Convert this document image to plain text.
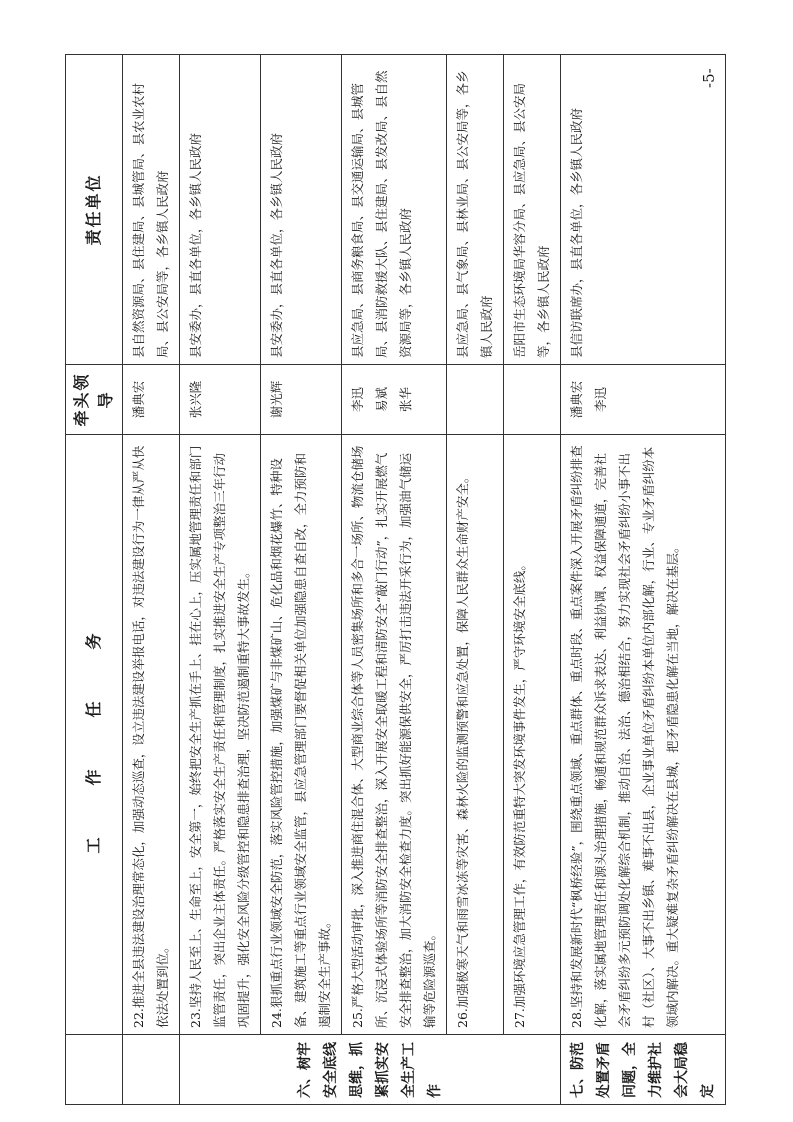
	工　作　任　务	牵头领导	责任单位
	22.推进全县违法建设治理常态化，加强动态巡查，设立违法建设举报电话，对违法建设行为一律从严从快依法处置到位。	潘典宏	县自然资源局、县住建局、县城管局、县农业农村局、县公安局等，各乡镇人民政府
六、树牢安全底线思维，抓紧抓实安全生产工作	23.坚持人民至上、生命至上，安全第一，始终把安全生产抓在手上、挂在心上，压实属地管理责任和部门监管责任，突出企业主体责任。严格落实安全生产责任和管理制度，扎实推进安全生产专项整治三年行动巩固提升，强化安全风险分级管控和隐患排查治理，坚决防范遏制重特大事故发生。	张兴隆	县安委办，县直各单位，各乡镇人民政府
	24.狠抓重点行业领域安全防范，落实风险管控措施，加强煤矿与非煤矿山、危化品和烟花爆竹、特种设备、建筑施工等重点行业领域安全监管，县应急管理部门要督促相关单位加强隐患自查自改，全力预防和遏制安全生产事故。	谢光辉	县安委办，县直各单位，各乡镇人民政府
	25.严格大型活动审批，深入推进商住混合体、大型商业综合体等人员密集场所和多合一场所、物流仓储场所、沉浸式体验场所等消防安全排查整治，深入开展安全取暖工程和清防安全“敲门行动”，扎实开展燃气安全排查整治，加大消防安全检查力度。突出抓好能源保供安全，严厉打击违法开采行为，加强油气储运输等危险源巡查。	李迅 易斌 张华	县应急局、县商务粮食局、县交通运输局、县城管局、县消防救援大队、县住建局、县发改局、县自然资源局等，各乡镇人民政府
	26.加强极寒天气和雨雪冰冻等灾害、森林火险的监测预警和应急处置，保障人民群众生命财产安全。		县应急局、县气象局、县林业局、县公安局等，各乡镇人民政府
	27.加强环境应急管理工作，有效防范重特大突发环境事件发生，严守环境安全底线。		岳阳市生态环境局华容分局、县应急局、县公安局等，各乡镇人民政府
七、防范处置矛盾问题，全力维护社会大局稳定	28.坚持和发展新时代“枫桥经验”，围绕重点领域、重点群体、重点时段、重点案件深入开展矛盾纠纷排查化解，落实属地管理责任和源头治理措施，畅通和规范群众诉求表达、利益协调、权益保障通道，完善社会矛盾纠纷多元预防调处化解综合机制，推动自治、法治、德治相结合，努力实现社会矛盾纠纷小事不出村（社区）、大事不出乡镇、难事不出县，企业事业单位矛盾纠纷本单位内部化解，行业、专业矛盾纠纷本领域内解决。重大疑难复杂矛盾纠纷解决在县城，把矛盾隐患化解在当地，解决在基层。	潘典宏 李迅	县信访联席办，县直各单位，各乡镇人民政府
-5-
